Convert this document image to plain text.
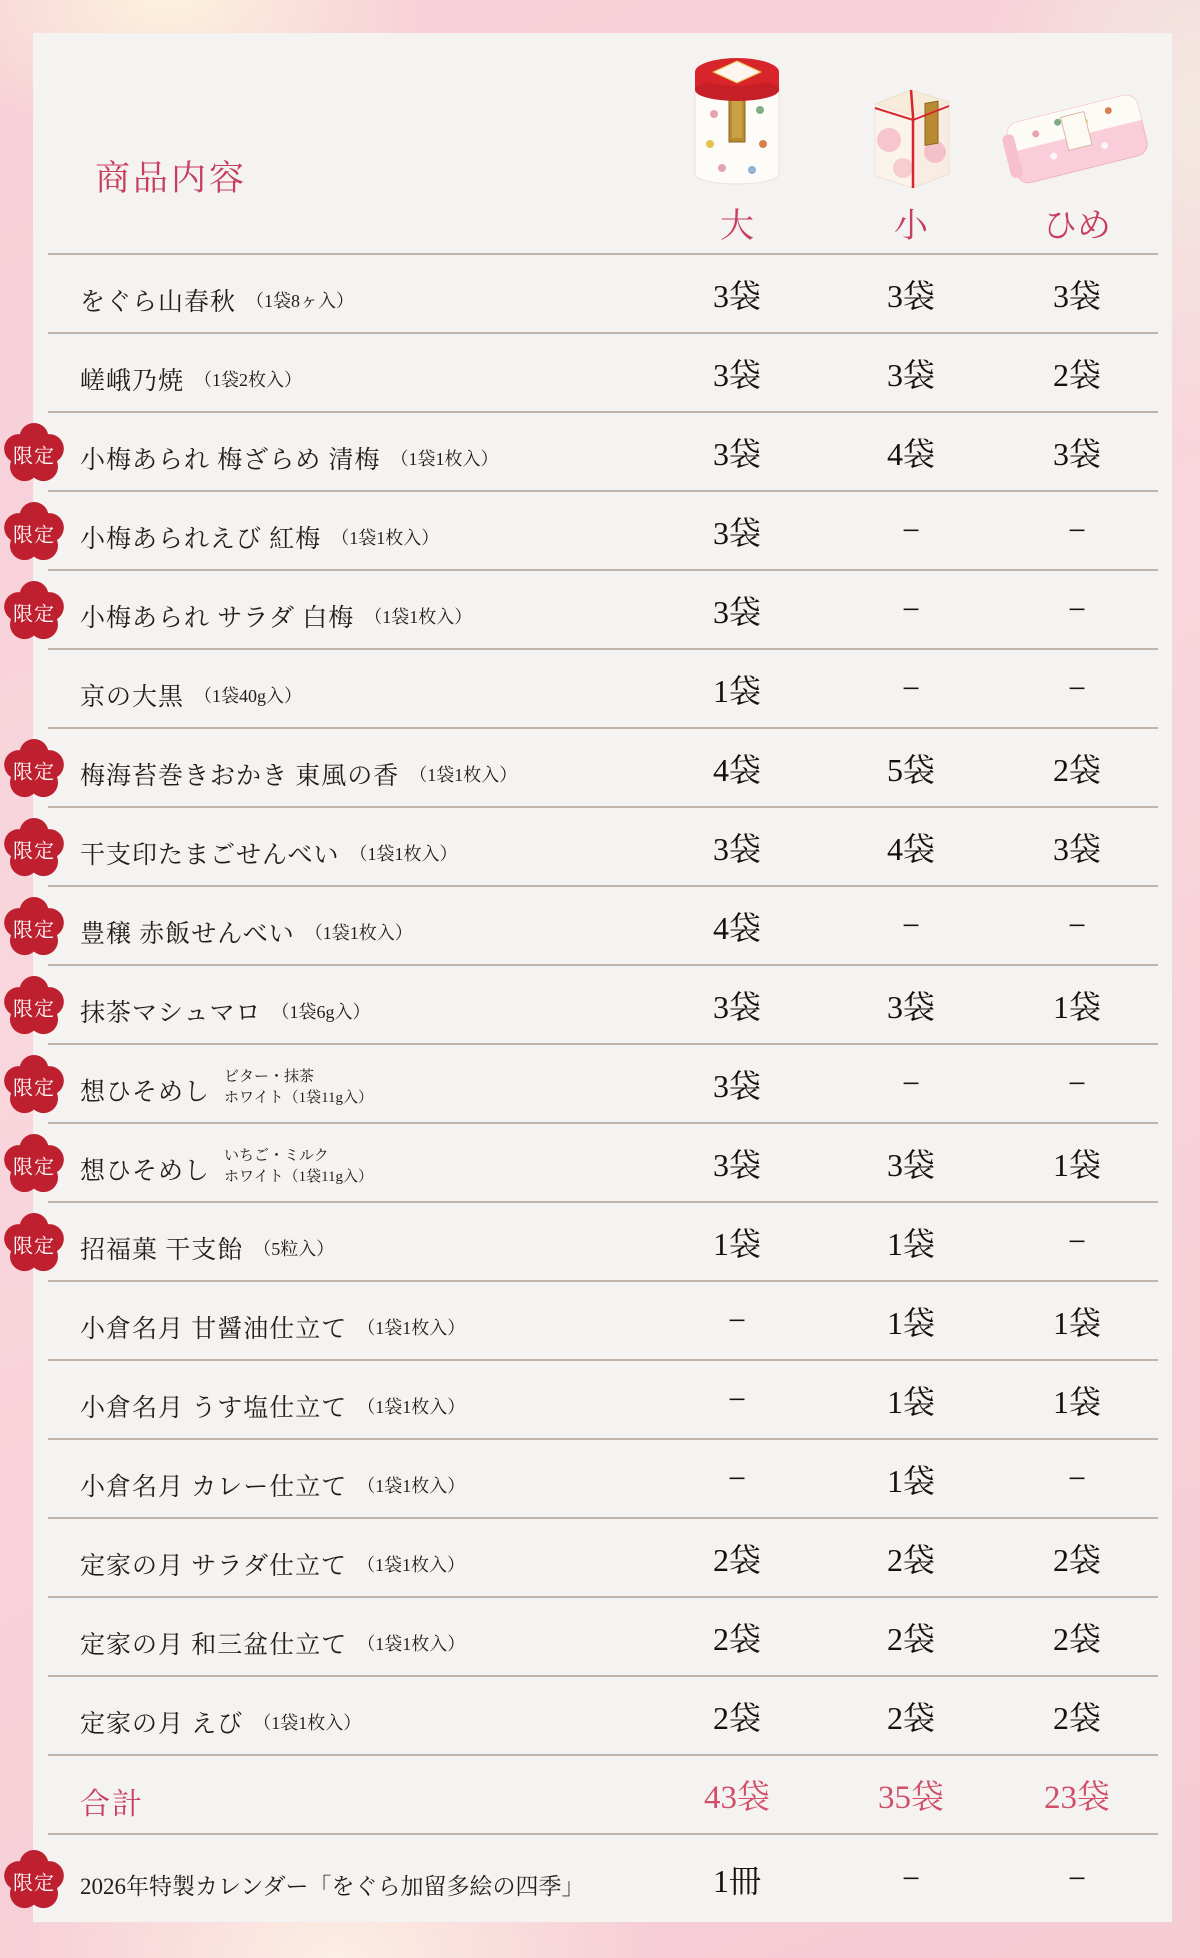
商品内容
大	小	ひめ
をぐら山春秋 （1袋8ヶ入）	3袋	3袋	3袋
嵯峨乃焼 （1袋2枚入）	3袋	3袋	2袋
限定	小梅あられ 梅ざらめ 清梅 （1袋1枚入）	3袋	4袋	3袋
限定	小梅あられえび 紅梅 （1袋1枚入）	3袋	−	−
限定	小梅あられ サラダ 白梅 （1袋1枚入）	3袋	−	−
京の大黒 （1袋40g入）	1袋	−	−
限定	梅海苔巻きおかき 東風の香 （1袋1枚入）	4袋	5袋	2袋
限定	干支印たまごせんべい （1袋1枚入）	3袋	4袋	3袋
限定	豊穣 赤飯せんべい （1袋1枚入）	4袋	−	−
限定	抹茶マシュマロ （1袋6g入）	3袋	3袋	1袋
限定	想ひそめし
ビター・抹茶
ホワイト（1袋11g入）	3袋	−	−
限定	想ひそめし
いちご・ミルク
ホワイト（1袋11g入）	3袋	3袋	1袋
限定	招福菓 干支飴 （5粒入）	1袋	1袋	−
小倉名月 甘醤油仕立て （1袋1枚入）	−	1袋	1袋
小倉名月 うす塩仕立て （1袋1枚入）	−	1袋	1袋
小倉名月 カレー仕立て （1袋1枚入）	−	1袋	−
定家の月 サラダ仕立て （1袋1枚入）	2袋	2袋	2袋
定家の月 和三盆仕立て （1袋1枚入）	2袋	2袋	2袋
定家の月 えび （1袋1枚入）	2袋	2袋	2袋
合計	43袋	35袋	23袋
限定	2026年特製カレンダー「をぐら加留多絵の四季」	1冊	−	−
